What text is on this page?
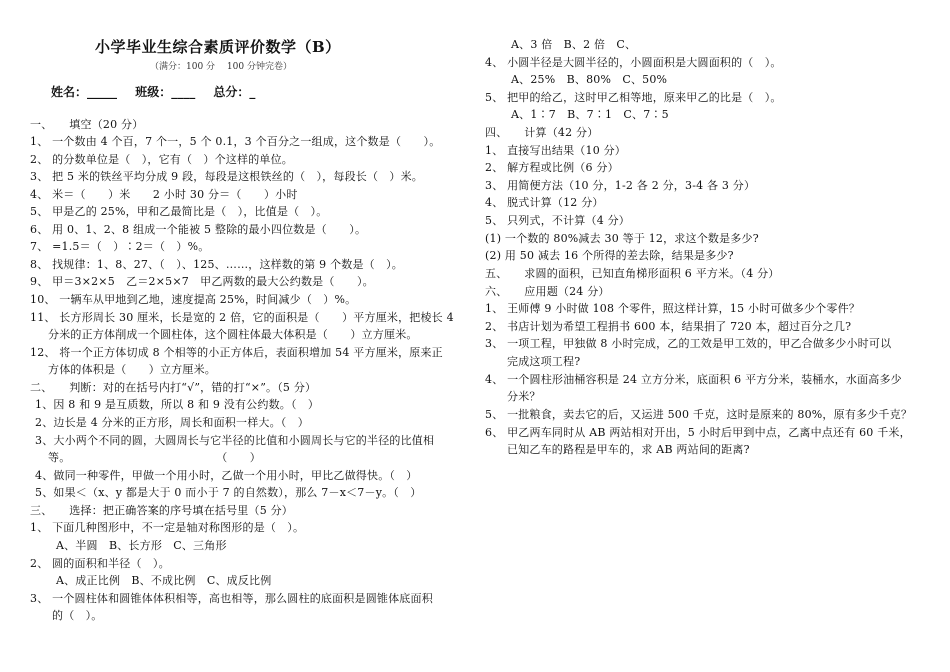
小学毕业生综合素质评价数学（B）
（满分：100 分　 100 分钟完卷）
姓名：_____ 班级：____ 总分：_
一、　　填空（20 分）
1、 一个数由 4 个百，7 个一，5 个 0.1，3 个百分之一组成，这个数是（　　）。
2、 的分数单位是（　），它有（　）个这样的单位。
3、 把 5 米的铁丝平均分成 9 段，每段是这根铁丝的（　），每段长（　）米。
4、 米＝（　　）米　　2 小时 30 分＝（　　）小时
5、 甲是乙的 25%，甲和乙最简比是（　），比值是（　）。
6、 用 0、1、2、8 组成一个能被 5 整除的最小四位数是（　　）。
7、 =1.5＝（　）∶2＝（　）%。
8、 找规律：1、8、27、（　）、125、……，这样数的第 9 个数是（　）。
9、 甲＝3×2×5　乙＝2×5×7　甲乙两数的最大公约数是（　　）。
10、 一辆车从甲地到乙地，速度提高 25%，时间减少（　）%。
11、 长方形周长 30 厘米，长是宽的 2 倍，它的面积是（　　）平方厘米，把棱长 4
分米的正方体削成一个圆柱体，这个圆柱体最大体积是（　　）立方厘米。
12、 将一个正方体切成 8 个相等的小正方体后，表面积增加 54 平方厘米，原来正
方体的体积是（　　）立方厘米。
二、　　判断：对的在括号内打“√”，错的打“×”。（5 分）
1、因 8 和 9 是互质数，所以 8 和 9 没有公约数。（　）
2、边长是 4 分米的正方形，周长和面积一样大。（　）
3、大小两个不同的圆，大圆周长与它半径的比值和小圆周长与它的半径的比值相
等。　　　　　　　　　　　　　　（　　）
4、做同一种零件，甲做一个用小时，乙做一个用小时，甲比乙做得快。（　）
5、如果＜（x、y 都是大于 0 而小于 7 的自然数），那么 7－x＜7－y。（　）
三、　　选择：把正确答案的序号填在括号里（5 分）
1、 下面几种图形中，不一定是轴对称图形的是（　）。
A、半圆　B、长方形　C、三角形
2、 圆的面积和半径（　）。
A、成正比例　B、不成比例　C、成反比例
3、 一个圆柱体和圆锥体体积相等，高也相等，那么圆柱的底面积是圆锥体底面积
的（　）。
A、3 倍　B、2 倍　C、
4、 小圆半径是大圆半径的，小圆面积是大圆面积的（　）。
A、25%　B、80%　C、50%
5、 把甲的给乙，这时甲乙相等地，原来甲乙的比是（　）。
A、1∶7　B、7∶1　C、7∶5
四、　　计算（42 分）
1、 直接写出结果（10 分）
2、 解方程或比例（6 分）
3、 用简便方法（10 分，1-2 各 2 分，3-4 各 3 分）
4、 脱式计算（12 分）
5、 只列式，不计算（4 分）
(1) 一个数的 80%减去 30 等于 12，求这个数是多少?
(2) 用 50 减去 16 个所得的差去除，结果是多少?
五、　　求圆的面积，已知直角梯形面积 6 平方米。（4 分）
六、　　应用题（24 分）
1、 王师傅 9 小时做 108 个零件，照这样计算，15 小时可做多少个零件？
2、 书店计划为希望工程捐书 600 本，结果捐了 720 本，超过百分之几?
3、 一项工程，甲独做 8 小时完成，乙的工效是甲工效的，甲乙合做多少小时可以
完成这项工程?
4、 一个圆柱形油桶容积是 24 立方分米，底面积 6 平方分米，装桶水，水面高多少
分米？
5、 一批粮食，卖去它的后，又运进 500 千克，这时是原来的 80%，原有多少千克？
6、 甲乙两车同时从 AB 两站相对开出，5 小时后甲到中点，乙离中点还有 60 千米，
已知乙车的路程是甲车的，求 AB 两站间的距离?
